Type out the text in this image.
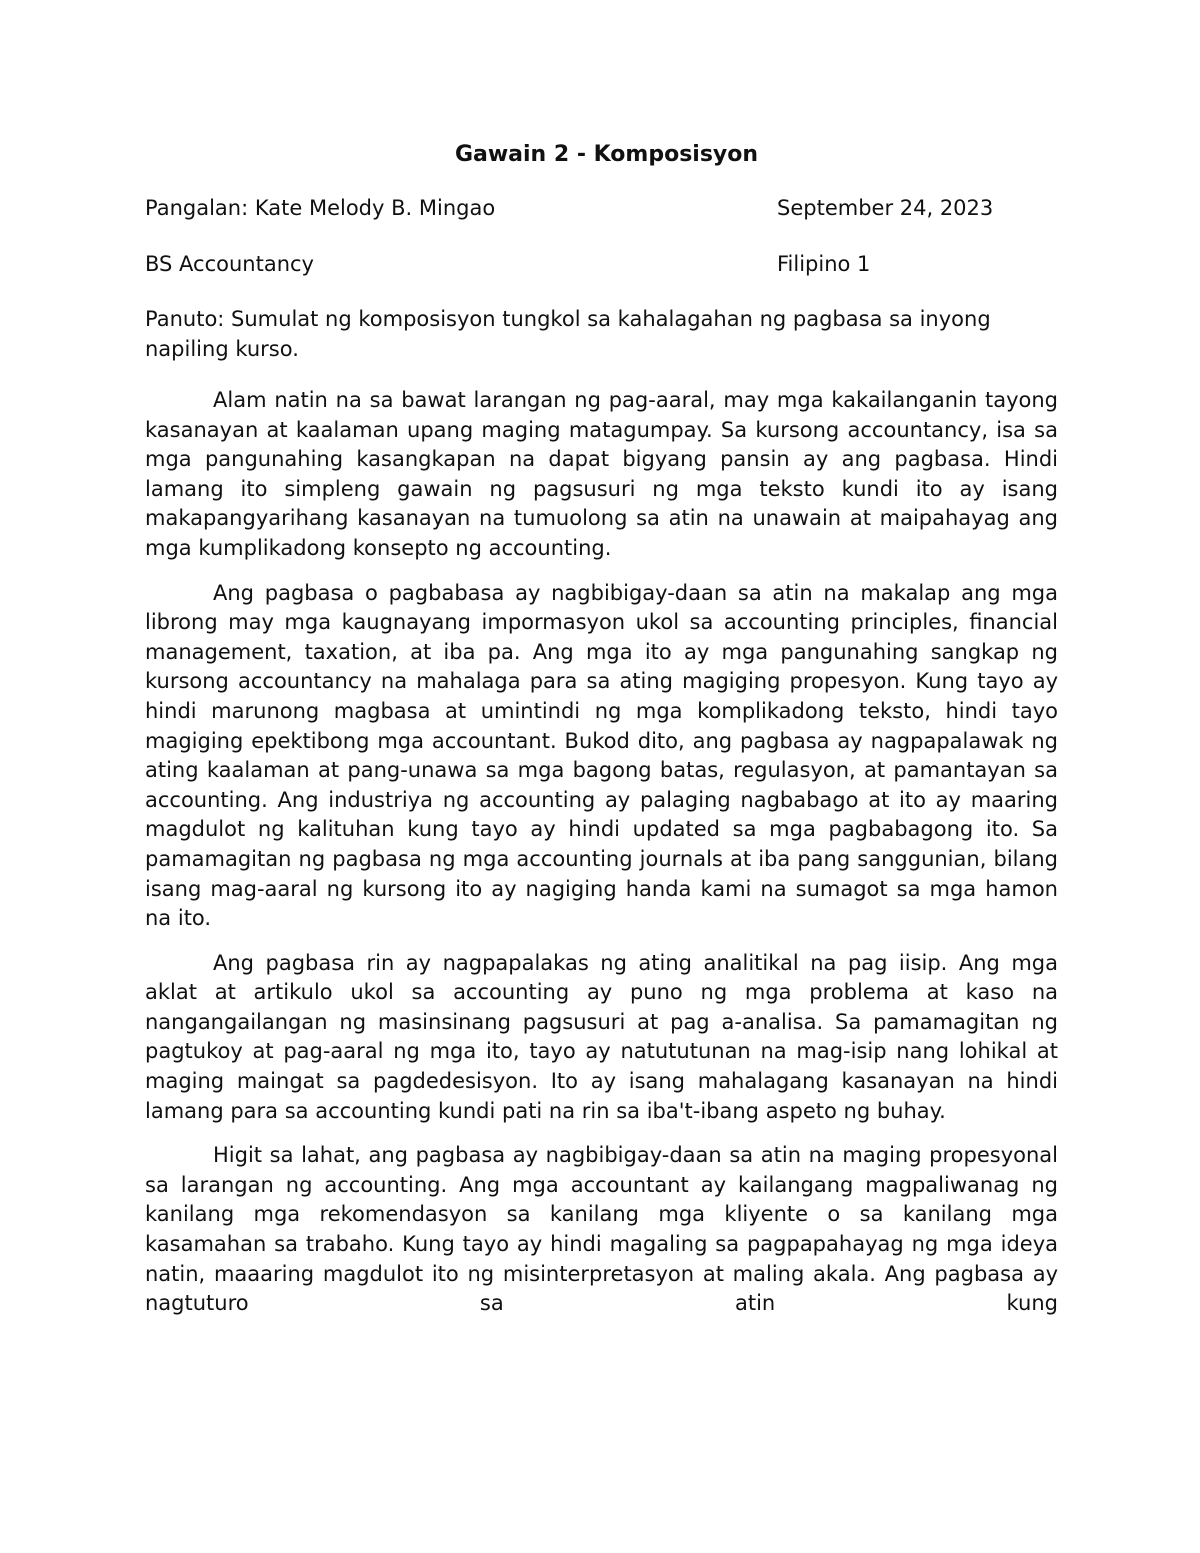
Gawain 2 - Komposisyon
Pangalan: Kate Melody B. Mingao	September 24, 2023
BS Accountancy	Filipino 1

Panuto: Sumulat ng komposisyon tungkol sa kahalagahan ng pagbasa sa inyong napiling kurso.

Alam natin na sa bawat larangan ng pag-aaral, may mga kakailanganin tayong kasanayan at kaalaman upang maging matagumpay. Sa kursong accountancy, isa sa mga pangunahing kasangkapan na dapat bigyang pansin ay ang pagbasa. Hindi lamang ito simpleng gawain ng pagsusuri ng mga teksto kundi ito ay isang makapangyarihang kasanayan na tumuolong sa atin na unawain at maipahayag ang mga kumplikadong konsepto ng accounting.

Ang pagbasa o pagbabasa ay nagbibigay-daan sa atin na makalap ang mga librong may mga kaugnayang impormasyon ukol sa accounting principles, financial management, taxation, at iba pa. Ang mga ito ay mga pangunahing sangkap ng kursong accountancy na mahalaga para sa ating magiging propesyon. Kung tayo ay hindi marunong magbasa at umintindi ng mga komplikadong teksto, hindi tayo magiging epektibong mga accountant. Bukod dito, ang pagbasa ay nagpapalawak ng ating kaalaman at pang-unawa sa mga bagong batas, regulasyon, at pamantayan sa accounting. Ang industriya ng accounting ay palaging nagbabago at ito ay maaring magdulot ng kalituhan kung tayo ay hindi updated sa mga pagbabagong ito. Sa pamamagitan ng pagbasa ng mga accounting journals at iba pang sanggunian, bilang isang mag-aaral ng kursong ito ay nagiging handa kami na sumagot sa mga hamon na ito.

Ang pagbasa rin ay nagpapalakas ng ating analitikal na pag iisip. Ang mga aklat at artikulo ukol sa accounting ay puno ng mga problema at kaso na nangangailangan ng masinsinang pagsusuri at pag a-analisa. Sa pamamagitan ng pagtukoy at pag-aaral ng mga ito, tayo ay natututunan na mag-isip nang lohikal at maging maingat sa pagdedesisyon. Ito ay isang mahalagang kasanayan na hindi lamang para sa accounting kundi pati na rin sa iba't-ibang aspeto ng buhay.

Higit sa lahat, ang pagbasa ay nagbibigay-daan sa atin na maging propesyonal sa larangan ng accounting. Ang mga accountant ay kailangang magpaliwanag ng kanilang mga rekomendasyon sa kanilang mga kliyente o sa kanilang mga kasamahan sa trabaho. Kung tayo ay hindi magaling sa pagpapahayag ng mga ideya natin, maaaring magdulot ito ng misinterpretasyon at maling akala. Ang pagbasa ay nagtuturo sa atin kung
